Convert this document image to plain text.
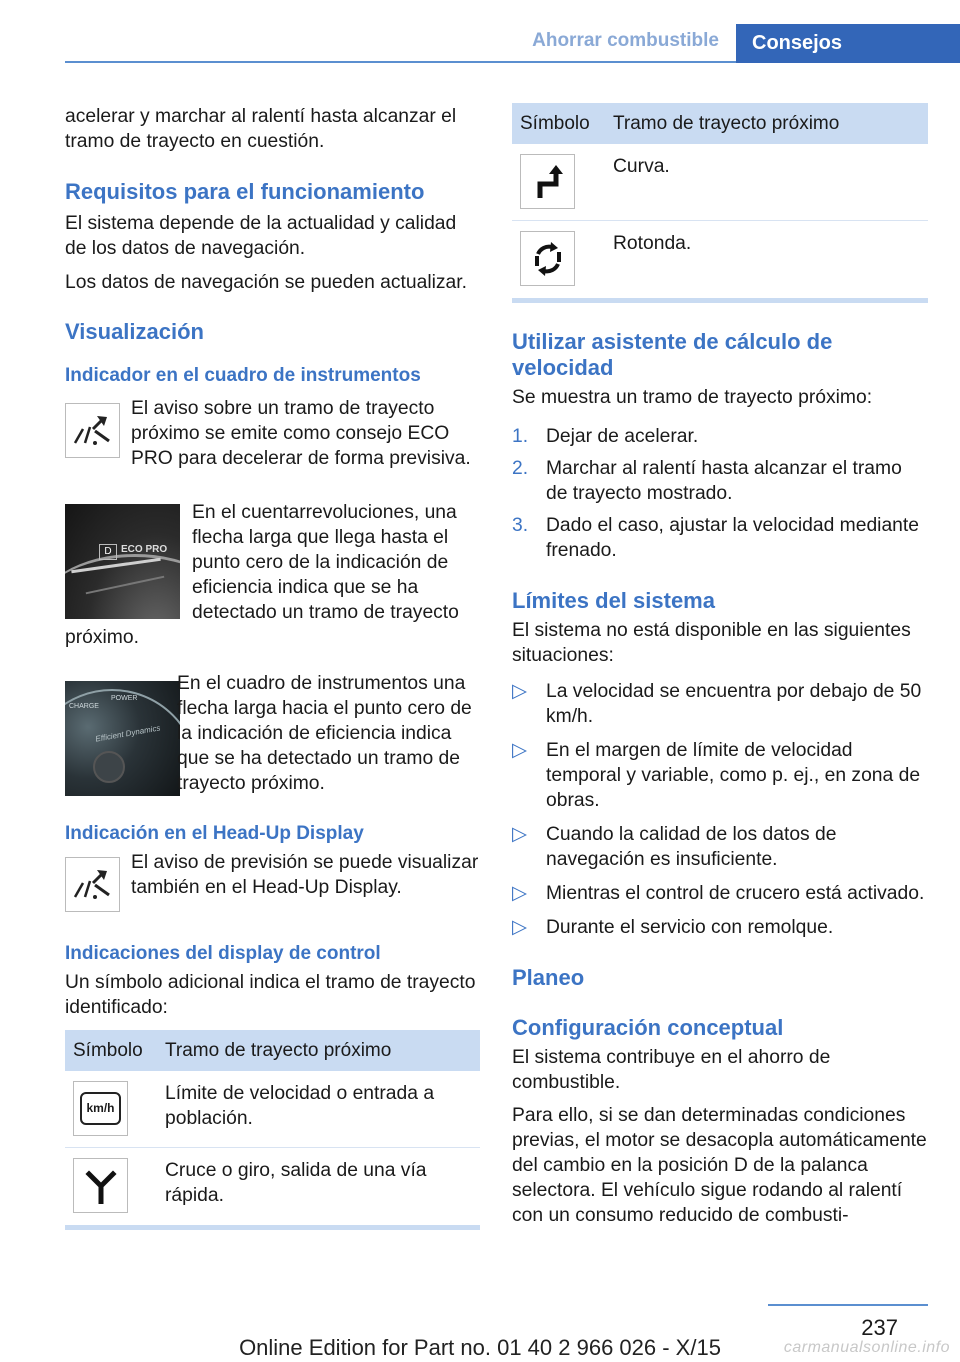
Ahorrar combustible	Consejos

acelerar y marchar al ralentí hasta alcanzar el tramo de trayecto en cuestión.

Requisitos para el funcionamiento

El sistema depende de la actualidad y calidad de los datos de navegación.

Los datos de navegación se pueden actualizar.

Visualización
Indicador en el cuadro de instrumentos

El aviso sobre un tramo de trayecto próximo se emite como consejo ECO PRO para decelerar de forma previsiva.

D ECO PRO

En el cuentarrevoluciones, una flecha larga que llega hasta el punto cero de la indicación de eficiencia indica que se ha detectado un tramo de trayecto
próximo.

CHARGE
POWER
Efficient Dynamics

En el cuadro de instrumentos una flecha larga hacia el punto cero de la indicación de eficiencia indica que se ha detectado un tramo de trayecto próximo.

Indicación en el Head-Up Display

El aviso de previsión se puede visualizar también en el Head-Up Display.

Indicaciones del display de control

Un símbolo adicional indica el tramo de trayecto identificado:

Símbolo	Tramo de trayecto próximo

km/h	Límite de velocidad o entrada a población.

	Cruce o giro, salida de una vía rápida.
Símbolo	Tramo de trayecto próximo

	Curva.

	Rotonda.
Utilizar asistente de cálculo de velocidad

Se muestra un tramo de trayecto próximo:

1. Dejar de acelerar.
2. Marchar al ralentí hasta alcanzar el tramo de trayecto mostrado.
3. Dado el caso, ajustar la velocidad mediante frenado.
Límites del sistema

El sistema no está disponible en las siguientes situaciones:

▷ La velocidad se encuentra por debajo de 50 km/h.
▷ En el margen de límite de velocidad temporal y variable, como p. ej., en zona de obras.
▷ Cuando la calidad de los datos de navegación es insuficiente.
▷ Mientras el control de crucero está activado.
▷ Durante el servicio con remolque.
Planeo
Configuración conceptual

El sistema contribuye en el ahorro de combustible.

Para ello, si se dan determinadas condiciones previas, el motor se desacopla automáticamente del cambio en la posición D de la palanca selectora. El vehículo sigue rodando al ralentí con un consumo reducido de combusti-

237
Online Edition for Part no. 01 40 2 966 026 - X/15	carmanualsonline.info
